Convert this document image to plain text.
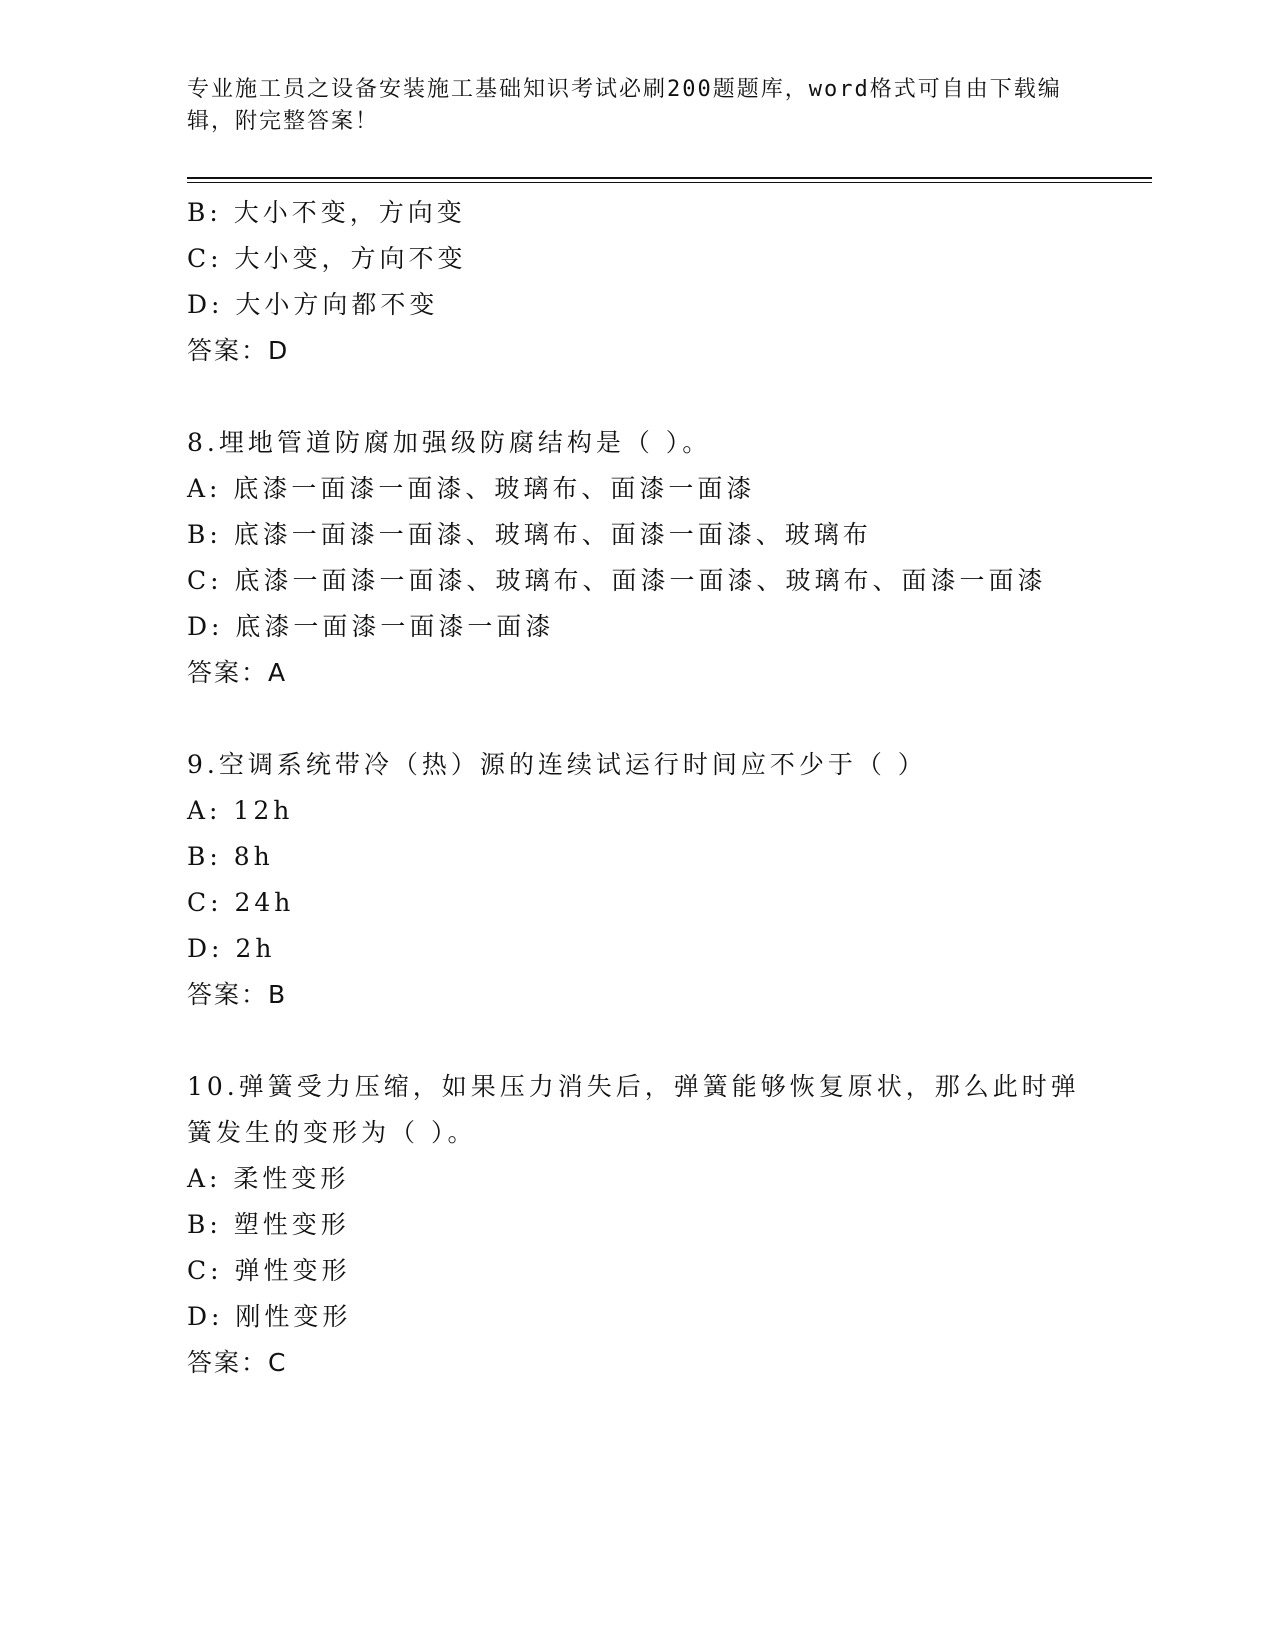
专业施工员之设备安装施工基础知识考试必刷200题题库，word格式可自由下载编辑，附完整答案！
B: 大小不变，方向变
C: 大小变，方向不变
D: 大小方向都不变
答案：D
8.埋地管道防腐加强级防腐结构是（ ）。
A: 底漆一面漆一面漆、玻璃布、面漆一面漆
B: 底漆一面漆一面漆、玻璃布、面漆一面漆、玻璃布
C: 底漆一面漆一面漆、玻璃布、面漆一面漆、玻璃布、面漆一面漆
D: 底漆一面漆一面漆一面漆
答案：A
9.空调系统带冷（热）源的连续试运行时间应不少于（ ）
A: 12h
B: 8h
C: 24h
D: 2h
答案：B
10.弹簧受力压缩，如果压力消失后，弹簧能够恢复原状，那么此时弹簧发生的变形为（ ）。
A: 柔性变形
B: 塑性变形
C: 弹性变形
D: 刚性变形
答案：C
